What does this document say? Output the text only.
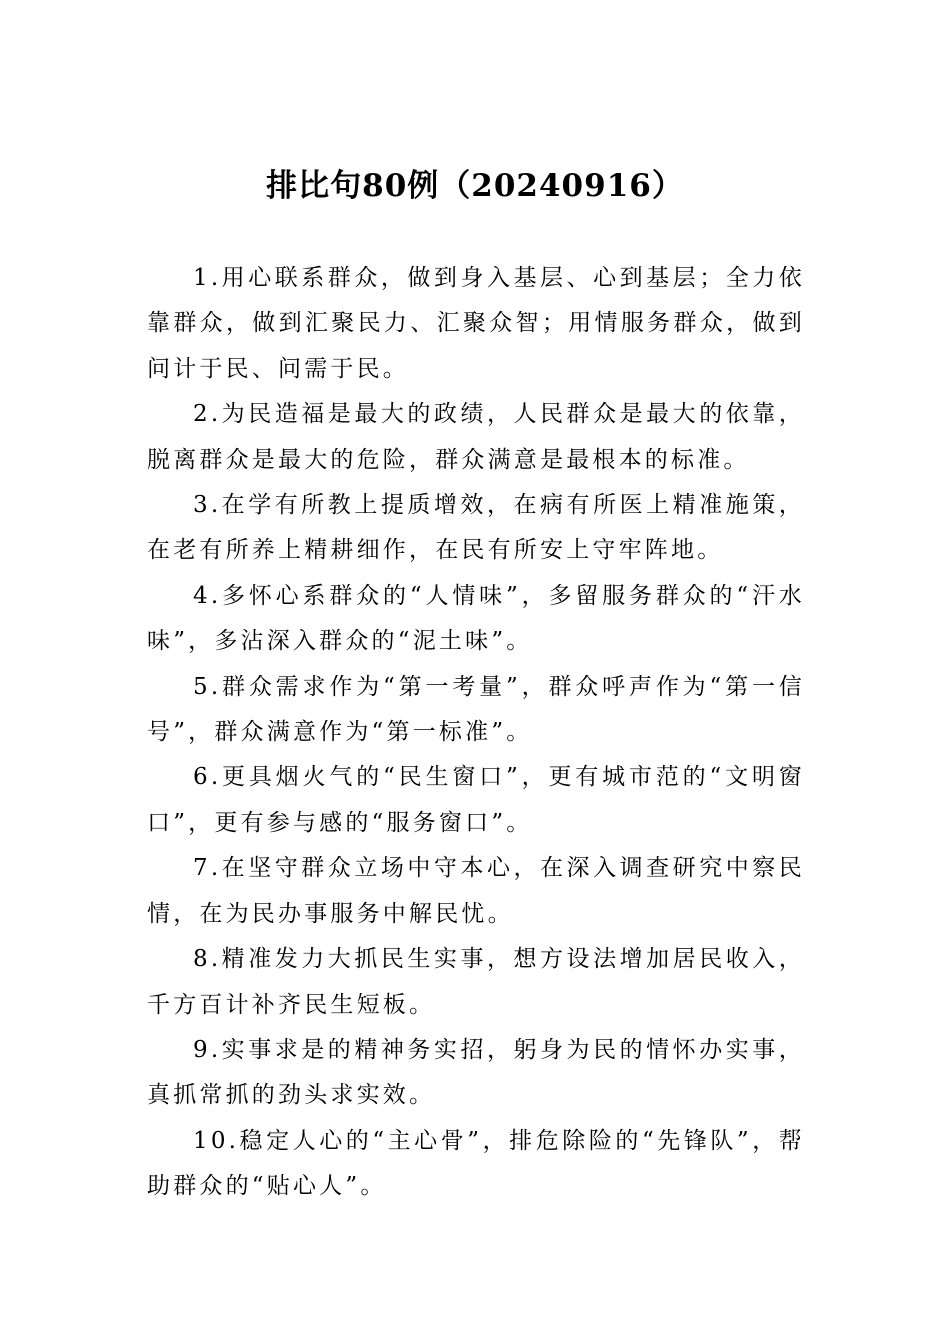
排比句80例（20240916）

1.用心联系群众，做到身入基层、心到基层；全力依靠群众，做到汇聚民力、汇聚众智；用情服务群众，做到问计于民、问需于民。

2.为民造福是最大的政绩，人民群众是最大的依靠，脱离群众是最大的危险，群众满意是最根本的标准。

3.在学有所教上提质增效，在病有所医上精准施策，在老有所养上精耕细作，在民有所安上守牢阵地。

4.多怀心系群众的“人情味”，多留服务群众的“汗水味”，多沾深入群众的“泥土味”。

5.群众需求作为“第一考量”，群众呼声作为“第一信号”，群众满意作为“第一标准”。

6.更具烟火气的“民生窗口”，更有城市范的“文明窗口”，更有参与感的“服务窗口”。

7.在坚守群众立场中守本心，在深入调查研究中察民情，在为民办事服务中解民忧。

8.精准发力大抓民生实事，想方设法增加居民收入，千方百计补齐民生短板。

9.实事求是的精神务实招，躬身为民的情怀办实事，真抓常抓的劲头求实效。

10.稳定人心的“主心骨”，排危除险的“先锋队”，帮助群众的“贴心人”。
